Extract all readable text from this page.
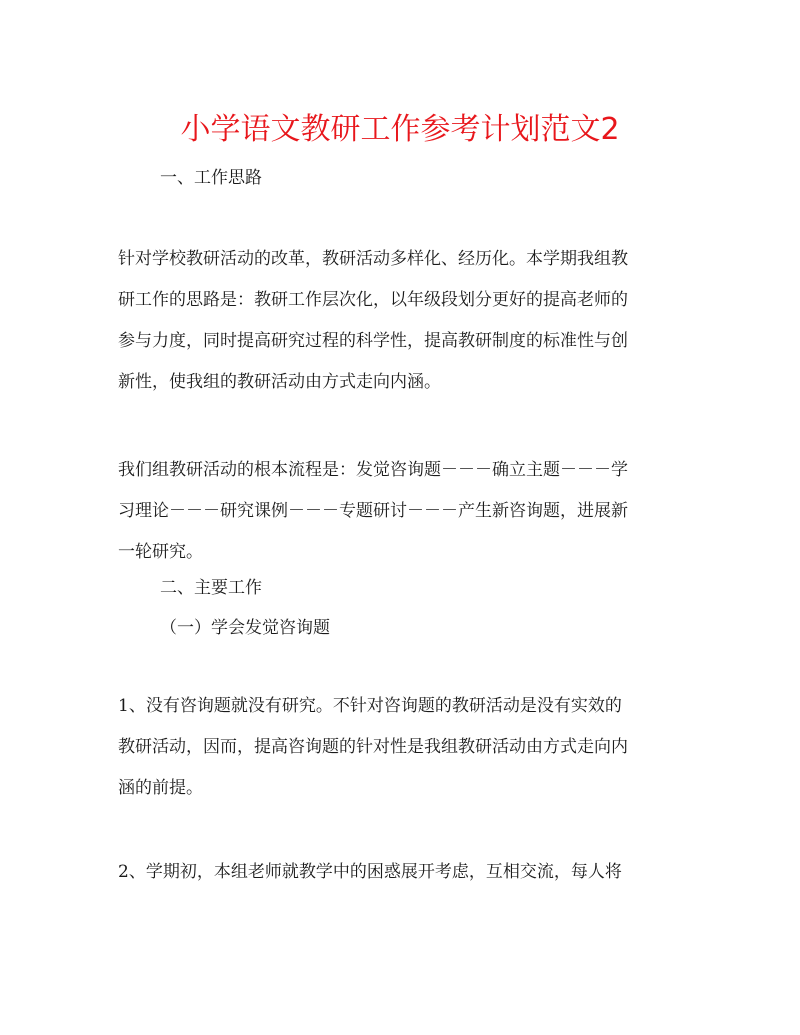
小学语文教研工作参考计划范文2

一、工作思路

针对学校教研活动的改革，教研活动多样化、经历化。本学期我组教
研工作的思路是：教研工作层次化，以年级段划分更好的提高老师的
参与力度，同时提高研究过程的科学性，提高教研制度的标准性与创
新性，使我组的教研活动由方式走向内涵。
我们组教研活动的根本流程是：发觉咨询题－－－确立主题－－－学
习理论－－－研究课例－－－专题研讨－－－产生新咨询题，进展新
一轮研究。

二、主要工作

（一）学会发觉咨询题

1、没有咨询题就没有研究。不针对咨询题的教研活动是没有实效的
教研活动，因而，提高咨询题的针对性是我组教研活动由方式走向内
涵的前提。
2、学期初，本组老师就教学中的困惑展开考虑，互相交流，每人将
